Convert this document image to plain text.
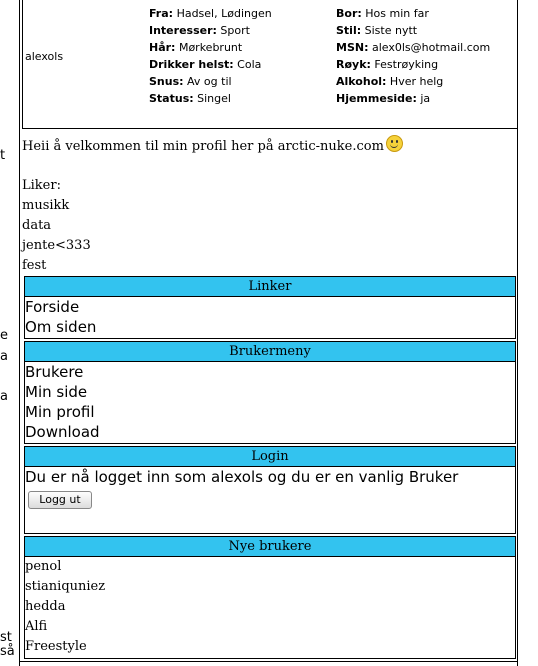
t
e
a
a
st
så
alexols
Fra: Hadsel, Lødingen
Interesser: Sport
Hår: Mørkebrunt
Drikker helst: Cola
Snus: Av og til
Status: Singel
Bor: Hos min far
Stil: Siste nytt
MSN: alex0ls@hotmail.com
Røyk: Festrøyking
Alkohol: Hver helg
Hjemmeside: ja
Heii å velkommen til min profil her på arctic-nuke.com
Liker:
musikk
data
jente<333
fest
Linker
Forside
Om siden
Brukermeny
Brukere
Min side
Min profil
Download
Login
Du er nå logget inn som alexols og du er en vanlig Bruker
Logg ut
Nye brukere
penol
stianiquniez
hedda
Alfi
Freestyle
